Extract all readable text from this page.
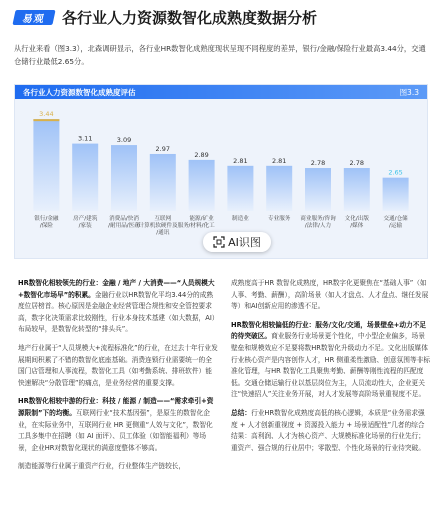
易观 各行业人力资源数智化成熟度数据分析
从行业来看（图3.3），北森调研显示，各行业HR数智化成熟度现状呈现不同程度的差异，银行/金融/保险行业最高3.44分，交通仓储行业最低2.65分。
各行业人力资源数智化成熟度评估	图3.3
3.44
银行/金融/保险
3.11
房产/建筑/家装
3.09
消费品/快消/耐用品/医药
2.97
互联网/计算机软硬件及服务/通讯
2.89
能源/矿业/材料/化工
2.81
制造业
2.81
专业服务
2.78
商业服务/咨询/法律/人力
2.78
文化/出版/媒体
2.65
交通/仓储/运输
AI识图

HR数智化相较领先的行业：金融 / 地产 / 大消费——“人员规模大+数智化市场早”的积累。金融行业以HR数智化平均3.44分的成熟度位居榜首。核心原因是金融企业经营管理合规性和安全管控要求高，数字化决策需求比较刚性，行业本身技术基建（如大数据，AI）布局较早，是数智化转型的“排头兵”。

地产行业属于“人员规模大+流程标准化”的行业，在过去十年行业发展期间积累了不错的数智化底座基础。消费连锁行业需要统一的全国门店管理和人事流程，数智化工具（如考勤系统、排班软件）能快速解决“分散管理”的痛点，是业务经营的重要支撑。

HR数智化相较中游的行业：科技 / 能源 / 制造——“需求牵引+资源限制”下的均衡。互联网行业“技术基因强”，是原生的数智化企业，在实际业务中，互联网行业 HR 更侧重“人效与文化”，数智化工具多集中在招聘（如 AI 面评）、员工体验（如智能福利）等场景，企业HR对数智化现状的满意度整体不够高。

制造能源等行业属于重资产行业，行业整体生产链较长，

成熟度高于HR 数智化成熟度，HR数字化更聚焦在“基础人事”（如人事、考勤、薪酬），高阶场景（如人才盘点、人才盘点、继任发展等）和AI创新应用的渗透不足。

HR数智化相较偏低的行业：服务/文化/交通，场景壁垒+动力不足的待突破区。商业服务行业场景更个性化，中小型企业偏多，场景壁垒和规模效应不足要将数HR数智化升级动力不足。文化出版媒体行业核心资产是内容创作人才，HR 侧重柔性激励、创意氛围等非标准化管理，与HR 数智化工具聚焦考勤、薪酬等刚性流程的匹配度低。交通仓储运输行业以基层岗位为主，人员流动性大，企业更关注“快速招人”关注业务开展，对人才发展等高阶场景重视度不足。

总结：行业HR数智化成熟度高低的核心逻辑，本质是“业务需求强度 + 人才创新重视度 + 资源投入能力 + 场景适配性”几者的综合结果：高利润、人才为核心资产、大规模标准化场景的行业先行；重资产、强合规的行业居中；零散型、个性化场景的行业待突破。
